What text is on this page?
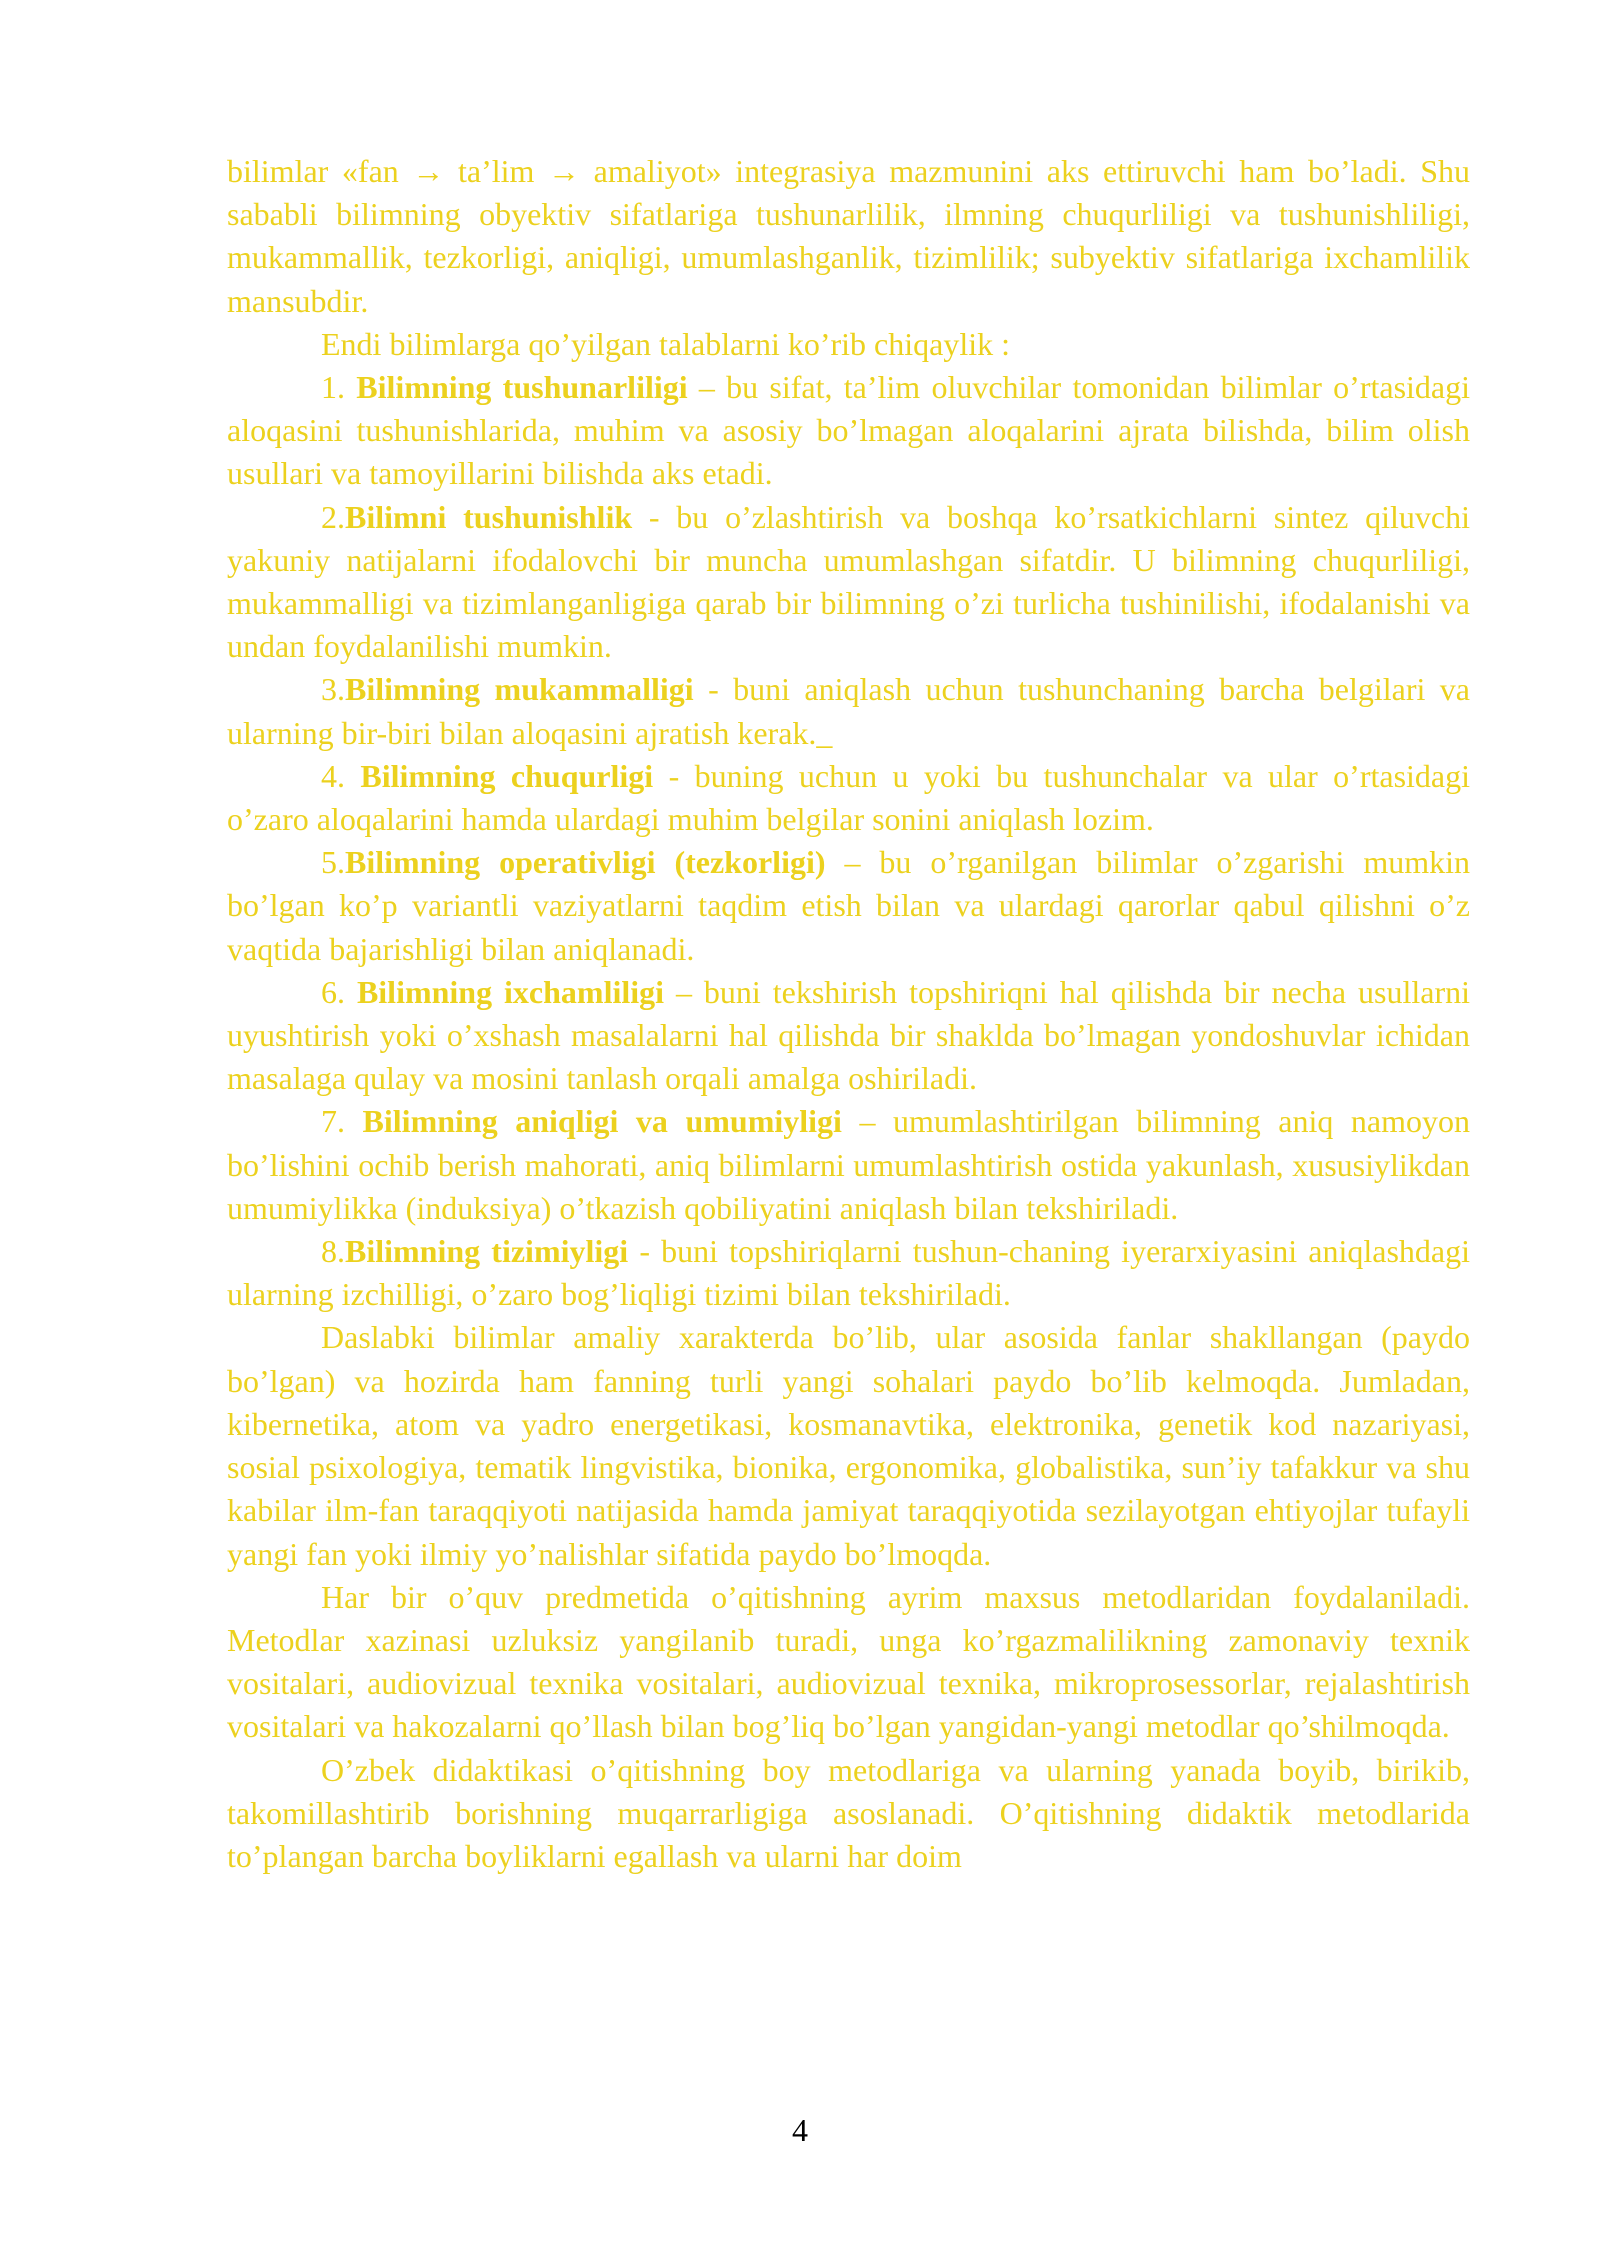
bilimlar «fan → ta’lim → amaliyot» integrasiya mazmunini aks ettiruvchi ham bo’ladi. Shu sababli bilimning obyektiv sifatlariga tushunarlilik, ilmning chuqurliligi va tushunishliligi, mukammallik, tezkorligi, aniqligi, umumlashganlik, tizimlilik; subyektiv sifatlariga ixchamlilik mansubdir.

Endi bilimlarga qo’yilgan talablarni ko’rib chiqaylik :

1. Bilimning tushunarliligi – bu sifat, ta’lim oluvchilar tomonidan bilimlar o’rtasidagi aloqasini tushunishlarida, muhim va asosiy bo’lmagan aloqalarini ajrata bilishda, bilim olish usullari va tamoyillarini bilishda aks etadi.

2.Bilimni tushunishlik - bu o’zlashtirish va boshqa ko’rsatkichlarni sintez qiluvchi yakuniy natijalarni ifodalovchi bir muncha umumlashgan sifatdir. U bilimning chuqurliligi, mukammalligi va tizimlanganligiga qarab bir bilimning o’zi turlicha tushinilishi, ifodalanishi va undan foydalanilishi mumkin.

3.Bilimning mukammalligi - buni aniqlash uchun tushunchaning barcha belgilari va ularning bir-biri bilan aloqasini ajratish kerak._

4. Bilimning chuqurligi - buning uchun u yoki bu tushunchalar va ular o’rtasidagi o’zaro aloqalarini hamda ulardagi muhim belgilar sonini aniqlash lozim.

5.Bilimning operativligi (tezkorligi) – bu o’rganilgan bilimlar o’zgarishi mumkin bo’lgan ko’p variantli vaziyatlarni taqdim etish bilan va ulardagi qarorlar qabul qilishni o’z vaqtida bajarishligi bilan aniqlanadi.

6. Bilimning ixchamliligi – buni tekshirish topshiriqni hal qilishda bir necha usullarni uyushtirish yoki o’xshash masalalarni hal qilishda bir shaklda bo’lmagan yondoshuvlar ichidan masalaga qulay va mosini tanlash orqali amalga oshiriladi.

7. Bilimning aniqligi va umumiyligi – umumlashtirilgan bilimning aniq namoyon bo’lishini ochib berish mahorati, aniq bilimlarni umumlashtirish ostida yakunlash, xususiylikdan umumiylikka (induksiya) o’tkazish qobiliyatini aniqlash bilan tekshiriladi.

8.Bilimning tizimiyligi - buni topshiriqlarni tushun-chaning iyerarxiyasini aniqlashdagi ularning izchilligi, o’zaro bog’liqligi tizimi bilan tekshiriladi.

Daslabki bilimlar amaliy xarakterda bo’lib, ular asosida fanlar shakllangan (paydo bo’lgan) va hozirda ham fanning turli yangi sohalari paydo bo’lib kelmoqda. Jumladan, kibernetika, atom va yadro energetikasi, kosmanavtika, elektronika, genetik kod nazariyasi, sosial psixologiya, tematik lingvistika, bionika, ergonomika, globalistika, sun’iy tafakkur va shu kabilar ilm-fan taraqqiyoti natijasida hamda jamiyat taraqqiyotida sezilayotgan ehtiyojlar tufayli yangi fan yoki ilmiy yo’nalishlar sifatida paydo bo’lmoqda.

Har bir o’quv predmetida o’qitishning ayrim maxsus metodlaridan foydalaniladi. Metodlar xazinasi uzluksiz yangilanib turadi, unga ko’rgazmalilikning zamonaviy texnik vositalari, audiovizual texnika vositalari, audiovizual texnika, mikroprosessorlar, rejalashtirish vositalari va hakozalarni qo’llash bilan bog’liq bo’lgan yangidan-yangi metodlar qo’shilmoqda.

O’zbek didaktikasi o’qitishning boy metodlariga va ularning yanada boyib, birikib, takomillashtirib borishning muqarrarligiga asoslanadi. O’qitishning didaktik metodlarida to’plangan barcha boyliklarni egallash va ularni har doim

4
